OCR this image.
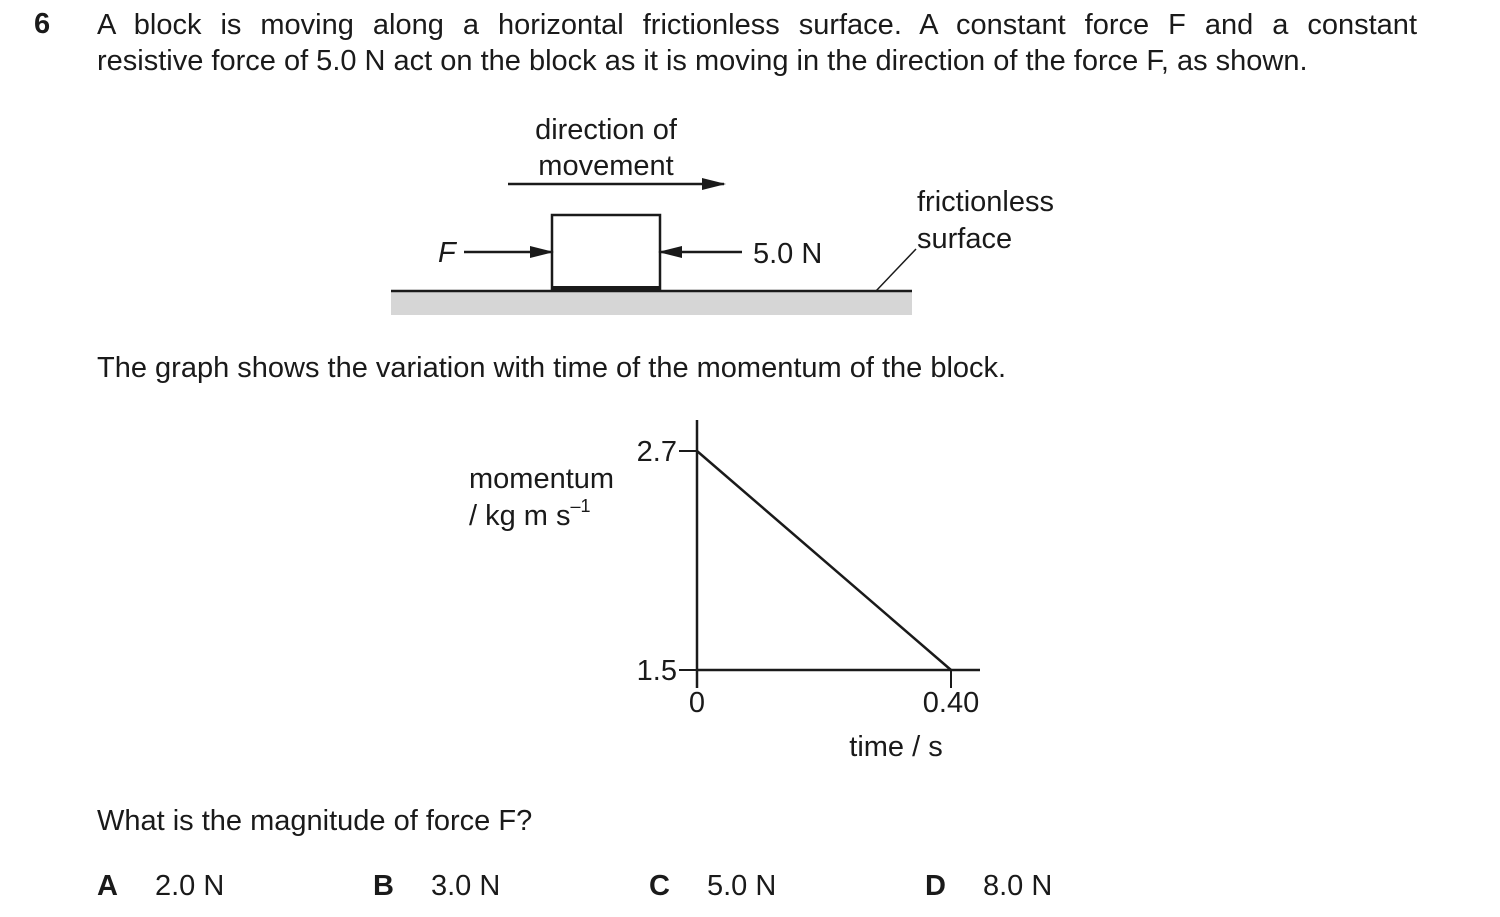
6 A block is moving along a horizontal frictionless surface. A constant force F and a constant
resistive force of 5.0 N act on the block as it is moving in the direction of the force F, as shown.
direction of
movement
F	5.0 N
frictionless
surface
The graph shows the variation with time of the momentum of the block.
momentum
/ kg m $s^{-1}$
time / s
2.7
1.5
0	0.40
What is the magnitude of force F?
A 2.0 N	B 3.0 N	C 5.0 N	D 8.0 N
